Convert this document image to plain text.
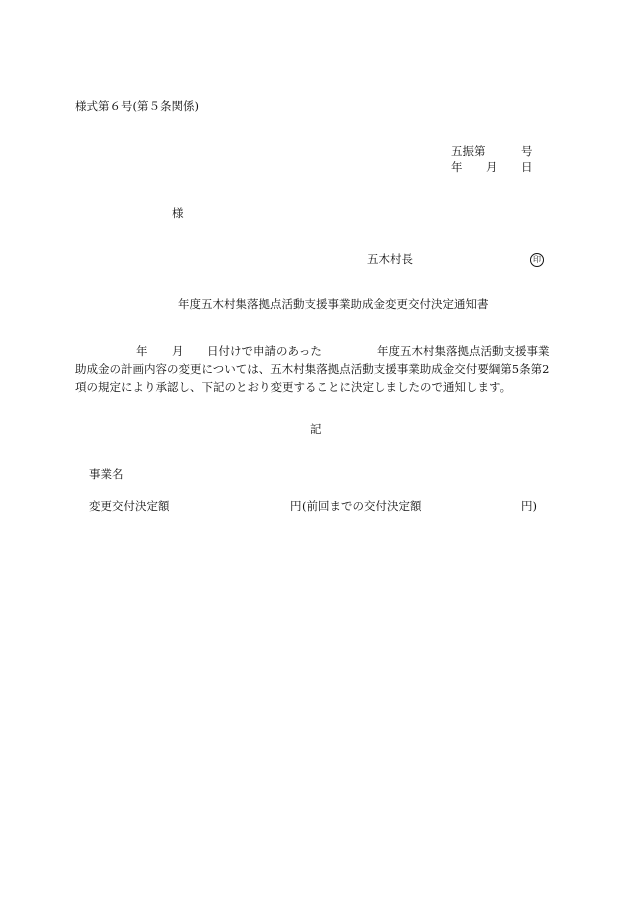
様式第６号(第５条関係)
五振第	号
年 月 日
様
五木村長	印
年度五木村集落拠点活動支援事業助成金変更交付決定通知書
年 月 日付けで申請のあった	年度五木村集落拠点活動支援事業
助成金の計画内容の変更については、五木村集落拠点活動支援事業助成金交付要綱第5条第2
項の規定により承認し、下記のとおり変更することに決定しましたので通知します。
記
事業名
変更交付決定額	円 (前回までの交付決定額	円)
